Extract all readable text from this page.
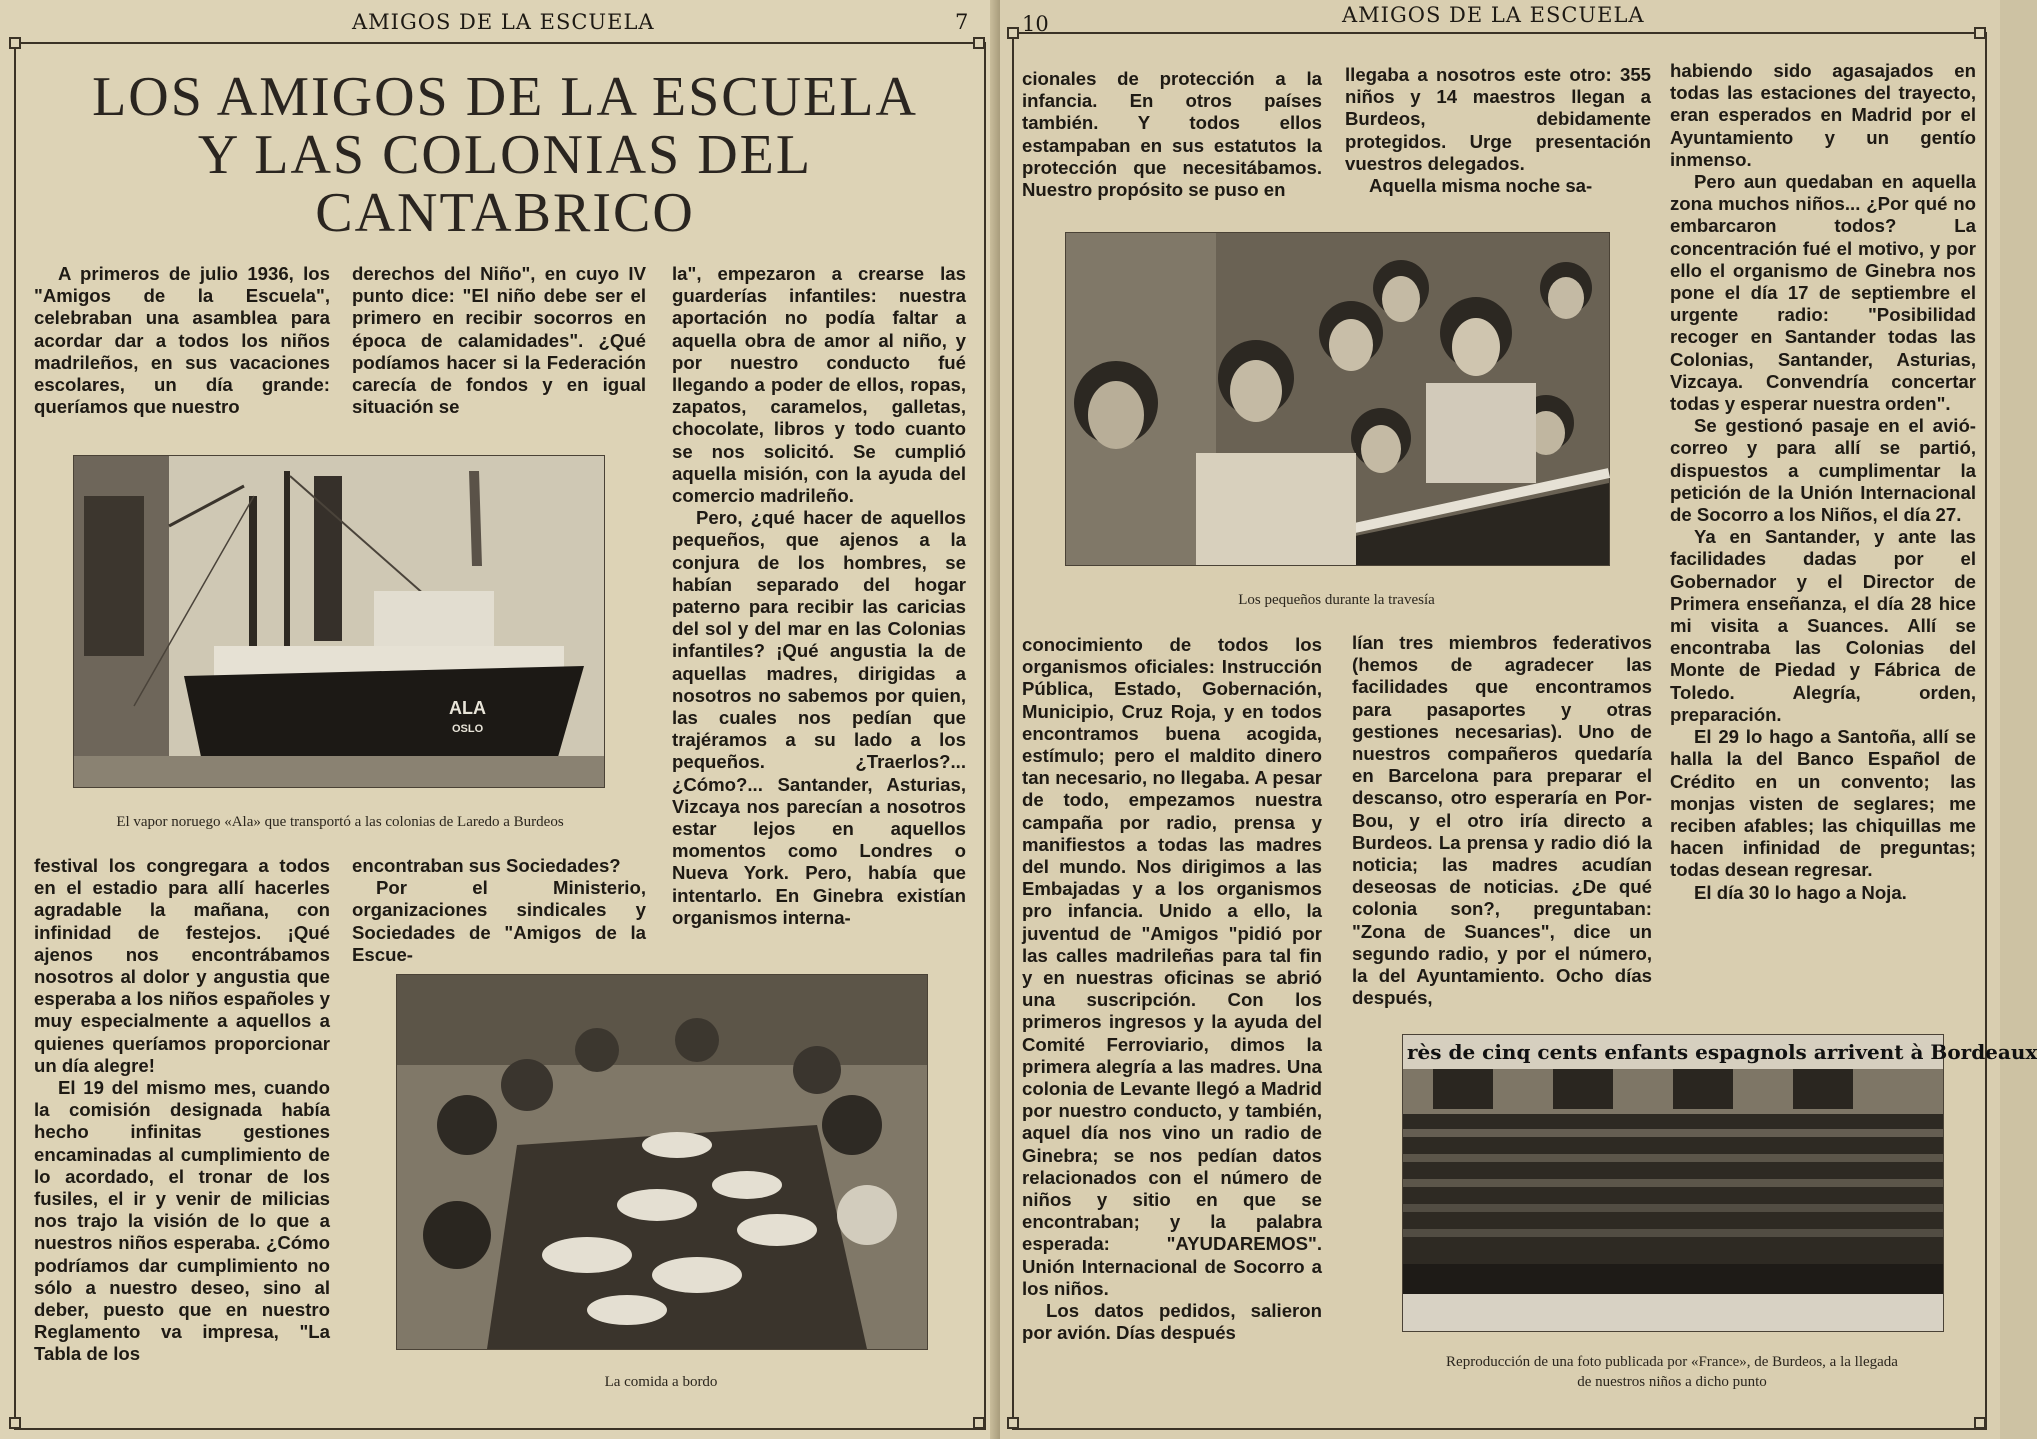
AMIGOS DE LA ESCUELA	7
LOS AMIGOS DE LA ESCUELA
Y LAS COLONIAS DEL
CANTABRICO

A primeros de julio 1936, los "Amigos de la Escuela", celebraban una asamblea para acordar dar a todos los niños madrileños, en sus vacaciones escolares, un día grande: queríamos que nuestro

derechos del Niño", en cuyo IV punto dice: "El niño debe ser el primero en recibir socorros en época de calamidades". ¿Qué podíamos hacer si la Federación carecía de fondos y en igual situación se

la", empezaron a crearse las guarderías infantiles: nuestra aportación no podía faltar a aquella obra de amor al niño, y por nuestro conducto fué llegando a poder de ellos, ropas, zapatos, caramelos, galletas, chocolate, libros y todo cuanto se nos solicitó. Se cumplió aquella misión, con la ayuda del comercio madrileño.

Pero, ¿qué hacer de aquellos pequeños, que ajenos a la conjura de los hombres, se habían separado del hogar paterno para recibir las caricias del sol y del mar en las Colonias infantiles? ¡Qué angustia la de aquellas madres, dirigidas a nosotros no sabemos por quien, las cuales nos pedían que trajéramos a su lado a los pequeños. ¿Traerlos?... ¿Cómo?... Santander, Asturias, Vizcaya nos parecían a nosotros estar lejos en aquellos momentos como Londres o Nueva York. Pero, había que intentarlo. En Ginebra existían organismos interna-

ALA
OSLO
El vapor noruego «Ala» que transportó a las colonias de Laredo a Burdeos

festival los congregara a todos en el estadio para allí hacerles agradable la mañana, con infinidad de festejos. ¡Qué ajenos nos encontrábamos nosotros al dolor y angustia que esperaba a los niños españoles y muy especialmente a aquellos a quienes queríamos proporcionar un día alegre!

El 19 del mismo mes, cuando la comisión designada había hecho infinitas gestiones encaminadas al cumplimiento de lo acordado, el tronar de los fusiles, el ir y venir de milicias nos trajo la visión de lo que a nuestros niños esperaba. ¿Cómo podríamos dar cumplimiento no sólo a nuestro deseo, sino al deber, puesto que en nuestro Reglamento va impresa, "La Tabla de los

encontraban sus Sociedades?

Por el Ministerio, organizaciones sindicales y Sociedades de "Amigos de la Escue-

La comida a bordo
10	AMIGOS DE LA ESCUELA

cionales de protección a la infancia. En otros países también. Y todos ellos estampaban en sus estatutos la protección que necesitábamos. Nuestro propósito se puso en

llegaba a nosotros este otro: 355 niños y 14 maestros llegan a Burdeos, debidamente protegidos. Urge presentación vuestros delegados.

Aquella misma noche sa-

habiendo sido agasajados en todas las estaciones del trayecto, eran esperados en Madrid por el Ayuntamiento y un gentío inmenso.

Pero aun quedaban en aquella zona muchos niños... ¿Por qué no embarcaron todos? La concentración fué el motivo, y por ello el organismo de Ginebra nos pone el día 17 de septiembre el urgente radio: "Posibilidad recoger en Santander todas las Colonias, Santander, Asturias, Vizcaya. Convendría concertar todas y esperar nuestra orden".

Se gestionó pasaje en el avió-correo y para allí se partió, dispuestos a cumplimentar la petición de la Unión Internacional de Socorro a los Niños, el día 27.

Ya en Santander, y ante las facilidades dadas por el Gobernador y el Director de Primera enseñanza, el día 28 hice mi visita a Suances. Allí se encontraba las Colonias del Monte de Piedad y Fábrica de Toledo. Alegría, orden, preparación.

El 29 lo hago a Santoña, allí se halla la del Banco Español de Crédito en un convento; las monjas visten de seglares; me reciben afables; las chiquillas me hacen infinidad de preguntas; todas desean regresar.

El día 30 lo hago a Noja.

Los pequeños durante la travesía

conocimiento de todos los organismos oficiales: Instrucción Pública, Estado, Gobernación, Municipio, Cruz Roja, y en todos encontramos buena acogida, estímulo; pero el maldito dinero tan necesario, no llegaba. A pesar de todo, empezamos nuestra campaña por radio, prensa y manifiestos a todas las madres del mundo. Nos dirigimos a las Embajadas y a los organismos pro infancia. Unido a ello, la juventud de "Amigos "pidió por las calles madrileñas para tal fin y en nuestras oficinas se abrió una suscripción. Con los primeros ingresos y la ayuda del Comité Ferroviario, dimos la primera alegría a las madres. Una colonia de Levante llegó a Madrid por nuestro conducto, y también, aquel día nos vino un radio de Ginebra; se nos pedían datos relacionados con el número de niños y sitio en que se encontraban; y la palabra esperada: "AYUDAREMOS". Unión Internacional de Socorro a los niños.

Los datos pedidos, salieron por avión. Días después

lían tres miembros federativos (hemos de agradecer las facilidades que encontramos para pasaportes y otras gestiones necesarias). Uno de nuestros compañeros quedaría en Barcelona para preparar el descanso, otro esperaría en Por-Bou, y el otro iría directo a Burdeos. La prensa y radio dió la noticia; las madres acudían deseosas de noticias. ¿De qué colonia son?, preguntaban: "Zona de Suances", dice un segundo radio, y por el número, la del Ayuntamiento. Ocho días después,

rès de cinq cents enfants espagnols arrivent à Bordeaux
Reproducción de una foto publicada por «France», de Burdeos, a la llegada
de nuestros niños a dicho punto
